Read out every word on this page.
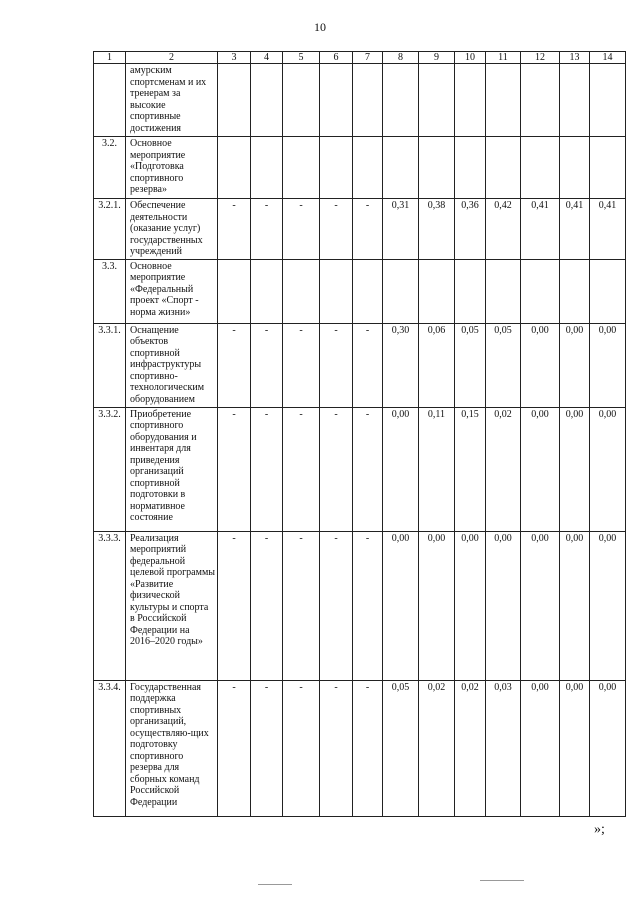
10
1	2	3	4	5	6	7	8	9	10	11	12	13	14
	амурским спортсменам и их тренерам за высокие спортивные достижения												
3.2.	Основное мероприятие «Подготовка спортивного резерва»												
3.2.1.	Обеспечение деятельности (оказание услуг) государственных учреждений	-	-	-	-	-	0,31	0,38	0,36	0,42	0,41	0,41	0,41
3.3.	Основное мероприятие «Федеральный проект «Спорт - норма жизни»												
3.3.1.	Оснащение объектов спортивной инфраструктуры спортивно-технологическим оборудованием	-	-	-	-	-	0,30	0,06	0,05	0,05	0,00	0,00	0,00
3.3.2.	Приобретение спортивного оборудования и инвентаря для приведения организаций спортивной подготовки в нормативное состояние	-	-	-	-	-	0,00	0,11	0,15	0,02	0,00	0,00	0,00
3.3.3.	Реализация мероприятий федеральной целевой программы «Развитие физической культуры и спорта в Российской Федерации на 2016–2020 годы»	-	-	-	-	-	0,00	0,00	0,00	0,00	0,00	0,00	0,00
3.3.4.	Государственная поддержка спортивных организаций, осуществляю-щих подготовку спортивного резерва для сборных команд Российской Федерации	-	-	-	-	-	0,05	0,02	0,02	0,03	0,00	0,00	0,00
»;
